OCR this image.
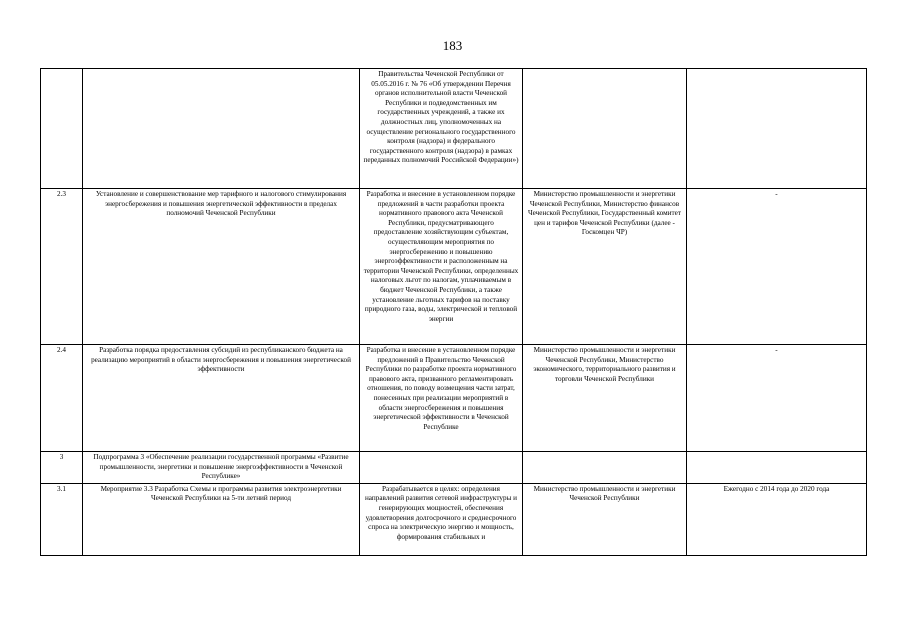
183
		Правительства Чеченской Республики от 05.05.2016 г. № 76 «Об утверждении Перечня органов исполнительной власти Чеченской Республики и подведомственных им государственных учреждений, а также их должностных лиц, уполномоченных на осуществление регионального государственного контроля (надзора) и федерального государственного контроля (надзора) в рамках переданных полномочий Российской Федерации»)		
2.3	Установление и совершенствование мер тарифного и налогового стимулирования энергосбережения и повышения энергетической эффективности в пределах полномочий Чеченской Республики	Разработка и внесение в установленном порядке предложений в части разработки проекта нормативного правового акта Чеченской Республики, предусматривающего предоставление хозяйствующим субъектам, осуществляющим мероприятия по энергосбережению и повышению энергоэффективности и расположенным на территории Чеченской Республики, определенных налоговых льгот по налогам, уплачиваемым в бюджет Чеченской Республики, а также установление льготных тарифов на поставку природного газа, воды, электрической и тепловой энергии	Министерство промышленности и энергетики Чеченской Республики, Министерство финансов Чеченской Республики, Государственный комитет цен и тарифов Чеченской Республики (далее - Госкомцен ЧР)	-
2.4	Разработка порядка предоставления субсидий из республиканского бюджета на реализацию мероприятий в области энергосбережения и повышения энергетической эффективности	Разработка и внесение в установленном порядке предложений в Правительство Чеченской Республики по разработке проекта нормативного правового акта, призванного регламентировать отношения, по поводу возмещения части затрат, понесенных при реализации мероприятий в области энергосбережения и повышения энергетической эффективности в Чеченской Республике	Министерство промышленности и энергетики Чеченской Республики, Министерство экономического, территориального развития и торговли Чеченской Республики	-
3	Подпрограмма 3 «Обеспечение реализации государственной программы «Развитие промышленности, энергетики и повышение энергоэффективности в Чеченской Республике»			
3.1	Мероприятие 3.3 Разработка Схемы и программы развития электроэнергетики Чеченской Республики на 5-ти летний период	Разрабатывается в целях: определения направлений развития сетевой инфраструктуры и генерирующих мощностей, обеспечения удовлетворения долгосрочного и среднесрочного спроса на электрическую энергию и мощность, формирования стабильных и	Министерство промышленности и энергетики Чеченской Республики	Ежегодно с 2014 года до 2020 года
